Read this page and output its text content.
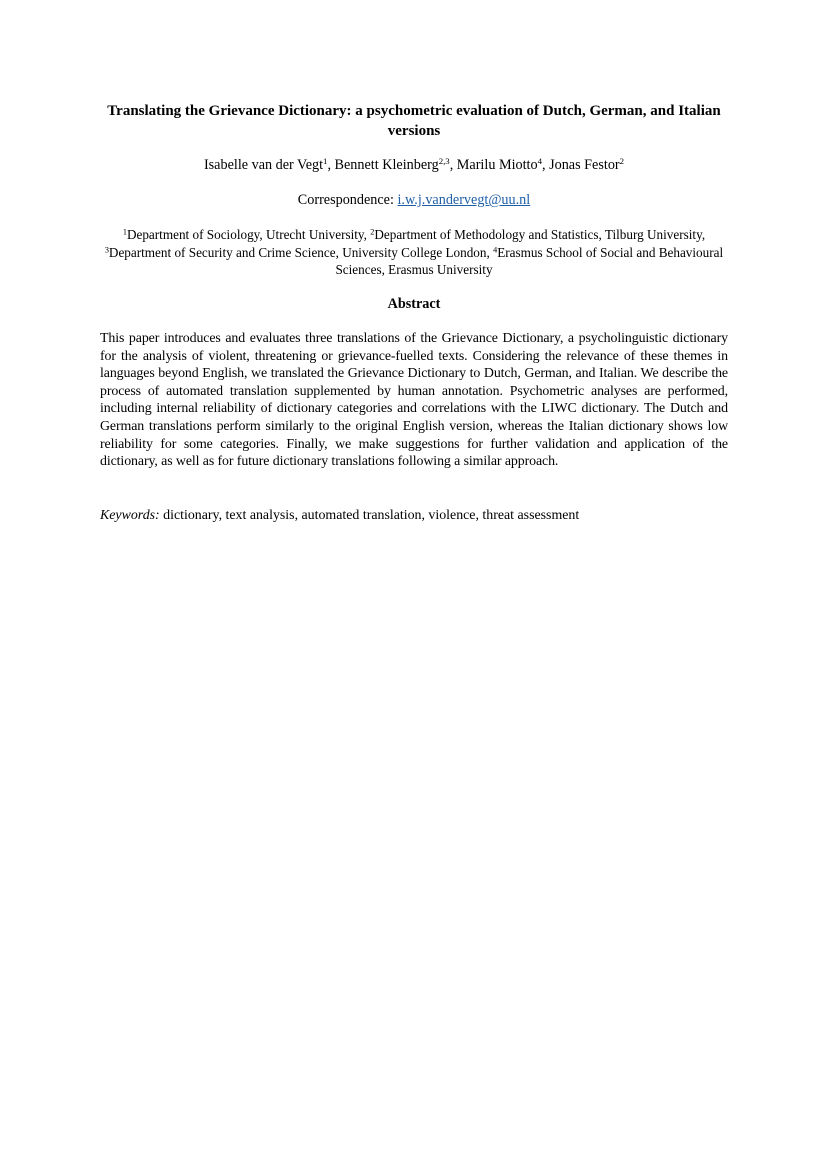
Translating the Grievance Dictionary: a psychometric evaluation of Dutch, German, and Italian versions
Isabelle van der Vegt$^1$, Bennett Kleinberg$^{2,3}$, Marilu Miotto$^4$, Jonas Festor$^2$
Correspondence: i.w.j.vandervegt@uu.nl
$^1$Department of Sociology, Utrecht University, $^2$Department of Methodology and Statistics, Tilburg University, $^3$Department of Security and Crime Science, University College London, $^4$Erasmus School of Social and Behavioural Sciences, Erasmus University
Abstract
This paper introduces and evaluates three translations of the Grievance Dictionary, a psycholinguistic dictionary for the analysis of violent, threatening or grievance-fuelled texts. Considering the relevance of these themes in languages beyond English, we translated the Grievance Dictionary to Dutch, German, and Italian. We describe the process of automated translation supplemented by human annotation. Psychometric analyses are performed, including internal reliability of dictionary categories and correlations with the LIWC dictionary. The Dutch and German translations perform similarly to the original English version, whereas the Italian dictionary shows low reliability for some categories. Finally, we make suggestions for further validation and application of the dictionary, as well as for future dictionary translations following a similar approach.
Keywords: dictionary, text analysis, automated translation, violence, threat assessment
